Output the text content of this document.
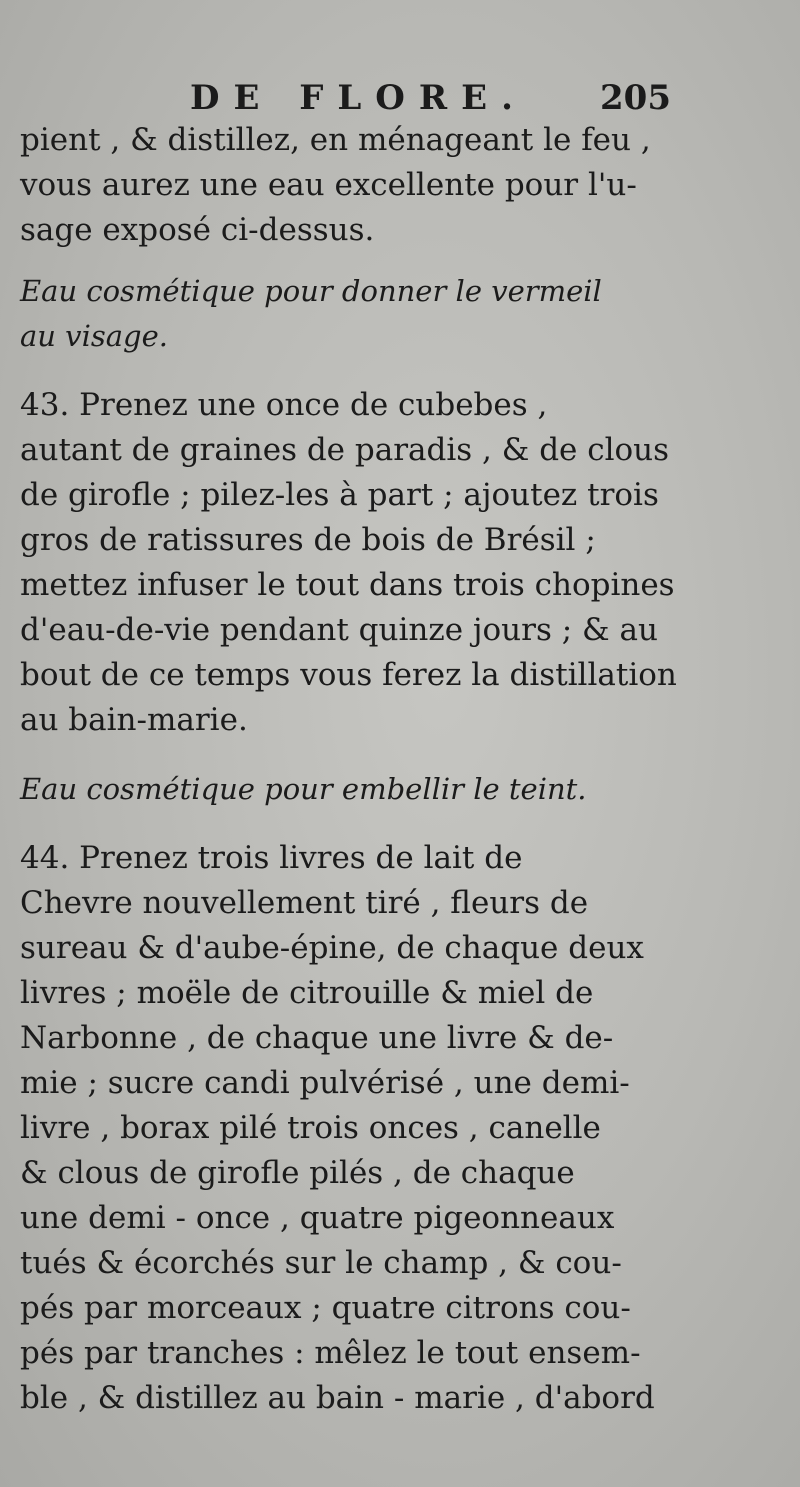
DE FLORE. 205

pient , & distillez, en ménageant le feu ,
vous aurez une eau excellente pour l'u-
sage exposé ci-dessus.

Eau cosmétique pour donner le vermeil
au visage.

43. Prenez une once de cubebes ,
autant de graines de paradis , & de clous
de girofle ; pilez-les à part ; ajoutez trois
gros de ratissures de bois de Brésil ;
mettez infuser le tout dans trois chopines
d'eau-de-vie pendant quinze jours ; & au
bout de ce temps vous ferez la distillation
au bain-marie.

Eau cosmétique pour embellir le teint.

44. Prenez trois livres de lait de
Chevre nouvellement tiré , fleurs de
sureau & d'aube-épine, de chaque deux
livres ; moële de citrouille & miel de
Narbonne , de chaque une livre & de-
mie ; sucre candi pulvérisé , une demi-
livre , borax pilé trois onces , canelle
& clous de girofle pilés , de chaque
une demi - once , quatre pigeonneaux
tués & écorchés sur le champ , & cou-
pés par morceaux ; quatre citrons cou-
pés par tranches : mêlez le tout ensem-
ble , & distillez au bain - marie , d'abord
